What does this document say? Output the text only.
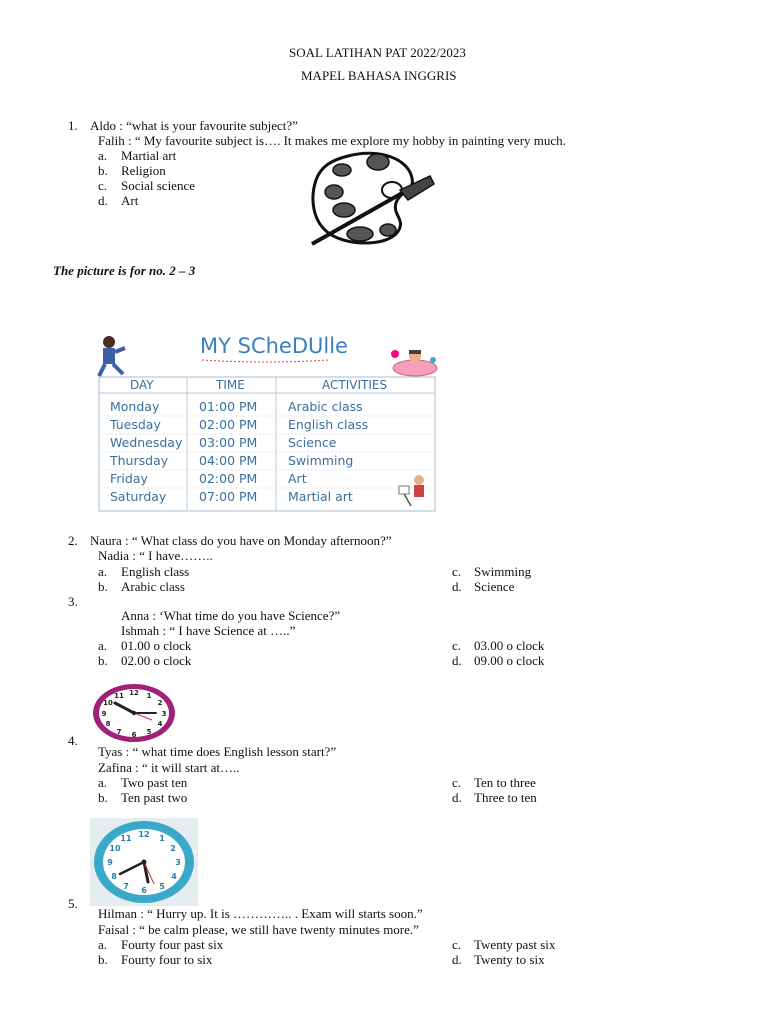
SOAL LATIHAN PAT 2022/2023
MAPEL BAHASA INGGRIS
1. Aldo : “what is your favourite subject?”
Falih : “ My favourite subject is…. It makes me explore my hobby in painting very much.
a. Martial art
b. Religion
c. Social science
d. Art
The picture is for no. 2 – 3
MY SCheDUlle
DAY	TIME	ACTIVITIES
Monday	01:00 PM Arabic class
Tuesday	02:00 PM English class
Wednesday 03:00 PM Science
Thursday 04:00 PM Swimming
Friday	02:00 PM Art
Saturday	07:00 PM Martial art
2. Naura : “ What class do you have on Monday afternoon?”
Nadia : “ I have……..
a. English class
b. Arabic class
c. Swimming
d. Science
3.
Anna : ‘What time do you have Science?”
Ishmah : “ I have Science at …..”
a. 01.00 o clock
b. 02.00 o clock
c. 03.00 o clock
d. 09.00 o clock
12 1
2
3
4
5
6
7
8
9
10
11
4.
Tyas : “ what time does English lesson start?”
Zafina : “ it will start at…..
a. Two past ten
b. Ten past two
c. Ten to three
d. Three to ten
12 1
2
3
4
5
6
7
8
9
10
11
5.
Hilman : “ Hurry up. It is ………….. . Exam will starts soon.”
Faisal : “ be calm please, we still have twenty minutes more.”
a. Fourty four past six
b. Fourty four to six
c. Twenty past six
d. Twenty to six
